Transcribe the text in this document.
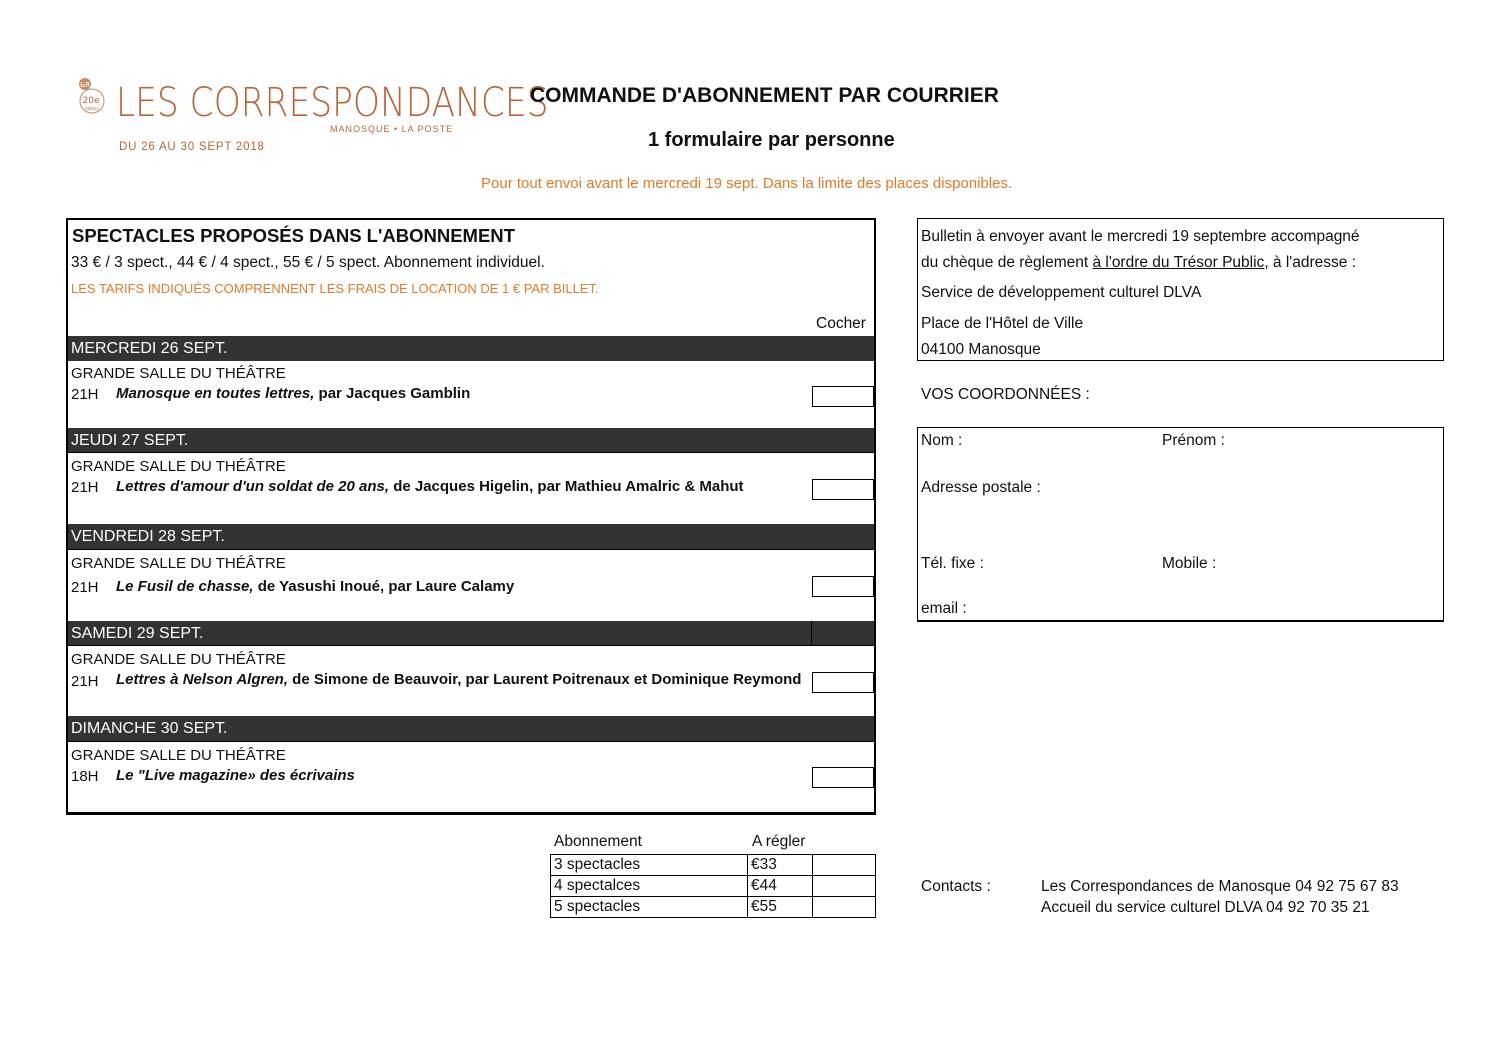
&R
20e
édition LES CORRESPONDANCES
MANOSQUE • LA POSTE
DU 26 AU 30 SEPT 2018
COMMANDE D'ABONNEMENT PAR COURRIER
1 formulaire par personne
Pour tout envoi avant le mercredi 19 sept. Dans la limite des places disponibles.
SPECTACLES PROPOSÉS DANS L'ABONNEMENT
33 € / 3 spect., 44 € / 4 spect., 55 € / 5 spect. Abonnement individuel.
LES TARIFS INDIQUÉS COMPRENNENT LES FRAIS DE LOCATION DE 1 € PAR BILLET.
Cocher
MERCREDI 26 SEPT.
GRANDE SALLE DU THÉÂTRE
21H Manosque en toutes lettres, par Jacques Gamblin
JEUDI 27 SEPT.
GRANDE SALLE DU THÉÂTRE
21H Lettres d'amour d'un soldat de 20 ans, de Jacques Higelin, par Mathieu Amalric & Mahut
VENDREDI 28 SEPT.
GRANDE SALLE DU THÉÂTRE
21H Le Fusil de chasse, de Yasushi Inoué, par Laure Calamy
SAMEDI 29 SEPT.
GRANDE SALLE DU THÉÂTRE
21H Lettres à Nelson Algren, de Simone de Beauvoir, par Laurent Poitrenaux et Dominique Reymond
DIMANCHE 30 SEPT.
GRANDE SALLE DU THÉÂTRE
18H Le "Live magazine» des écrivains
Bulletin à envoyer avant le mercredi 19 septembre accompagné
du chèque de règlement à l'ordre du Trésor Public, à l'adresse :
Service de développement culturel DLVA
Place de l'Hôtel de Ville
04100 Manosque
VOS COORDONNÉES :
Nom :	Prénom :
Adresse postale :
Tél. fixe :	Mobile :
email :
Abonnement	A régler
3 spectacles	€33	
4 spectalces	€44	
5 spectacles	€55	
Contacts :	Les Correspondances de Manosque 04 92 75 67 83
Accueil du service culturel DLVA 04 92 70 35 21
